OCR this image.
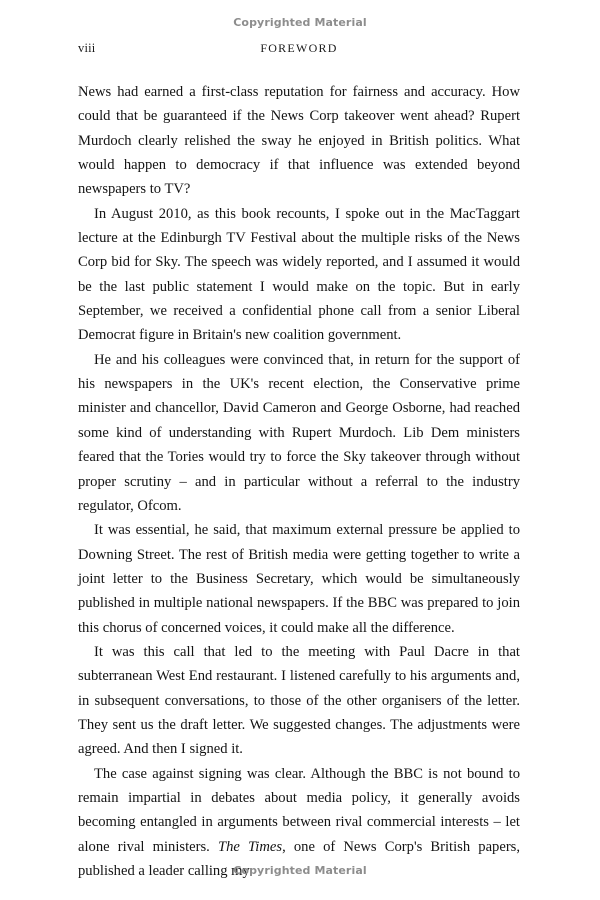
Copyrighted Material
viii	FOREWORD

News had earned a first-class reputation for fairness and accuracy. How could that be guaranteed if the News Corp takeover went ahead? Rupert Murdoch clearly relished the sway he enjoyed in British politics. What would happen to democracy if that influence was extended beyond newspapers to TV?

In August 2010, as this book recounts, I spoke out in the MacTaggart lecture at the Edinburgh TV Festival about the multiple risks of the News Corp bid for Sky. The speech was widely reported, and I assumed it would be the last public statement I would make on the topic. But in early September, we received a confidential phone call from a senior Liberal Democrat figure in Britain's new coalition government.

He and his colleagues were convinced that, in return for the support of his newspapers in the UK's recent election, the Conservative prime minister and chancellor, David Cameron and George Osborne, had reached some kind of understanding with Rupert Murdoch. Lib Dem ministers feared that the Tories would try to force the Sky takeover through without proper scrutiny – and in particular without a referral to the industry regulator, Ofcom.

It was essential, he said, that maximum external pressure be applied to Downing Street. The rest of British media were getting together to write a joint letter to the Business Secretary, which would be simultaneously published in multiple national newspapers. If the BBC was prepared to join this chorus of concerned voices, it could make all the difference.

It was this call that led to the meeting with Paul Dacre in that subterranean West End restaurant. I listened carefully to his arguments and, in subsequent conversations, to those of the other organisers of the letter. They sent us the draft letter. We suggested changes. The adjustments were agreed. And then I signed it.

The case against signing was clear. Although the BBC is not bound to remain impartial in debates about media policy, it generally avoids becoming entangled in arguments between rival commercial interests – let alone rival ministers. The Times, one of News Corp's British papers, published a leader calling my

Copyrighted Material
